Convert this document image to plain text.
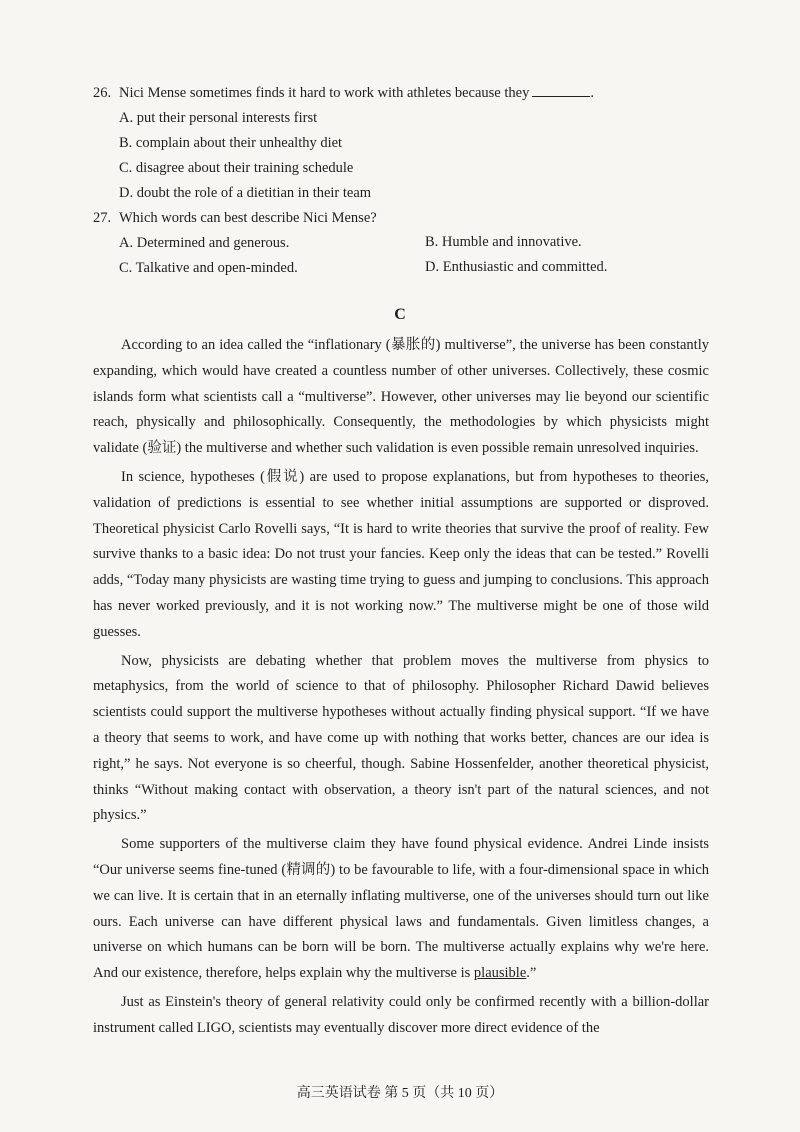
26. Nici Mense sometimes finds it hard to work with athletes because they	.
A. put their personal interests first
B. complain about their unhealthy diet
C. disagree about their training schedule
D. doubt the role of a dietitian in their team
27. Which words can best describe Nici Mense?
A. Determined and generous.	B. Humble and innovative.
C. Talkative and open-minded.	D. Enthusiastic and committed.
C

According to an idea called the “inflationary (暴胀的) multiverse”, the universe has been constantly expanding, which would have created a countless number of other universes. Collectively, these cosmic islands form what scientists call a “multiverse”. However, other universes may lie beyond our scientific reach, physically and philosophically. Consequently, the methodologies by which physicists might validate (验证) the multiverse and whether such validation is even possible remain unresolved inquiries.

In science, hypotheses (假说) are used to propose explanations, but from hypotheses to theories, validation of predictions is essential to see whether initial assumptions are supported or disproved. Theoretical physicist Carlo Rovelli says, “It is hard to write theories that survive the proof of reality. Few survive thanks to a basic idea: Do not trust your fancies. Keep only the ideas that can be tested.” Rovelli adds, “Today many physicists are wasting time trying to guess and jumping to conclusions. This approach has never worked previously, and it is not working now.” The multiverse might be one of those wild guesses.

Now, physicists are debating whether that problem moves the multiverse from physics to metaphysics, from the world of science to that of philosophy. Philosopher Richard Dawid believes scientists could support the multiverse hypotheses without actually finding physical support. “If we have a theory that seems to work, and have come up with nothing that works better, chances are our idea is right,” he says. Not everyone is so cheerful, though. Sabine Hossenfelder, another theoretical physicist, thinks “Without making contact with observation, a theory isn't part of the natural sciences, and not physics.”

Some supporters of the multiverse claim they have found physical evidence. Andrei Linde insists “Our universe seems fine-tuned (精调的) to be favourable to life, with a four-dimensional space in which we can live. It is certain that in an eternally inflating multiverse, one of the universes should turn out like ours. Each universe can have different physical laws and fundamentals. Given limitless changes, a universe on which humans can be born will be born. The multiverse actually explains why we're here. And our existence, therefore, helps explain why the multiverse is plausible.”

Just as Einstein's theory of general relativity could only be confirmed recently with a billion-dollar instrument called LIGO, scientists may eventually discover more direct evidence of the

高三英语试卷 第 5 页（共 10 页）
